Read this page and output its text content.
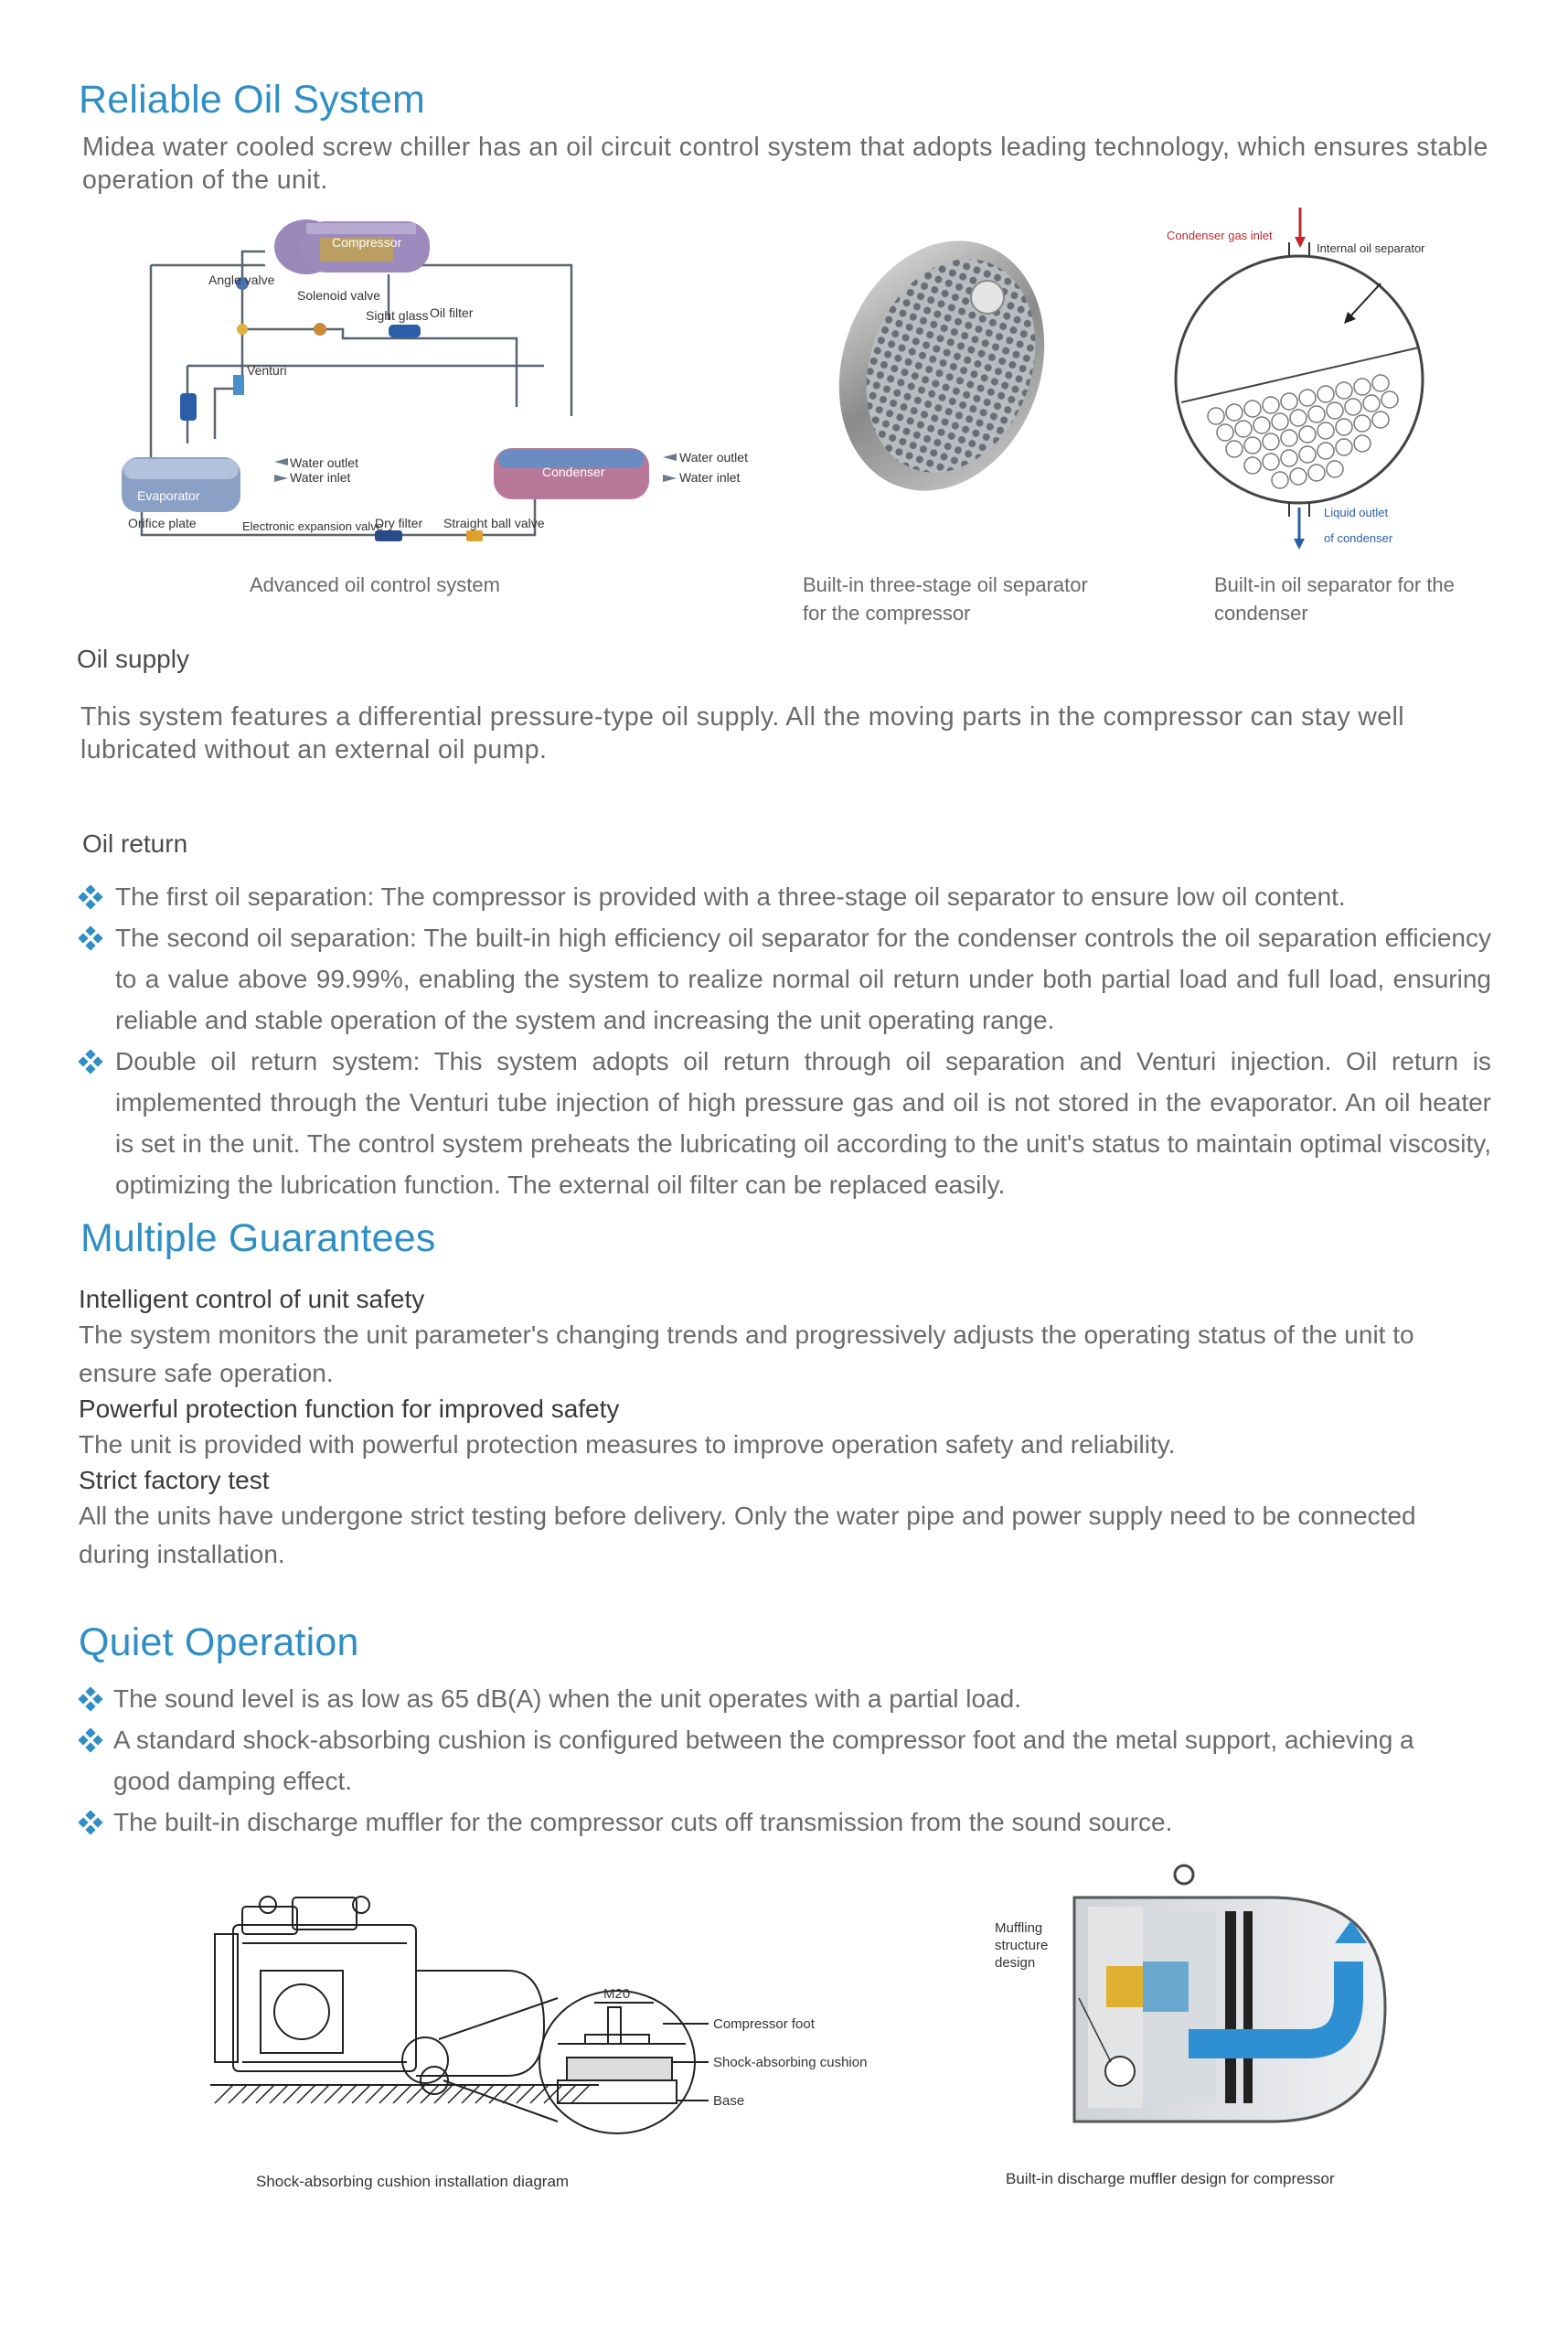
Reliable Oil System
Midea water cooled screw chiller has an oil circuit control system that adopts leading technology, which ensures stable operation of the unit.
Compressor
Evaporator
Condenser
Angle valve
Solenoid valve
Sight glass Oil filter
Venturi
Water outlet
Water inlet
Water outlet
Water inlet
Orifice plate	Electronic expansion valve
Dry filter Straight ball valve
Condenser gas inlet
Internal oil separator
Liquid outlet
of condenser
Advanced oil control system	Built-in three-stage oil separator for the compressor
Built-in oil separator for the condenser
Oil supply
This system features a differential pressure-type oil supply. All the moving parts in the compressor can stay well lubricated without an external oil pump.
Oil return
The first oil separation: The compressor is provided with a three-stage oil separator to ensure low oil content.
The second oil separation: The built-in high efficiency oil separator for the condenser controls the oil separation efficiency to a value above 99.99%, enabling the system to realize normal oil return under both partial load and full load, ensuring reliable and stable operation of the system and increasing the unit operating range.
Double oil return system: This system adopts oil return through oil separation and Venturi injection. Oil return is implemented through the Venturi tube injection of high pressure gas and oil is not stored in the evaporator. An oil heater is set in the unit. The control system preheats the lubricating oil according to the unit's status to maintain optimal viscosity, optimizing the lubrication function. The external oil filter can be replaced easily.
Multiple Guarantees
Intelligent control of unit safety
The system monitors the unit parameter's changing trends and progressively adjusts the operating status of the unit to ensure safe operation.
Powerful protection function for improved safety
The unit is provided with powerful protection measures to improve operation safety and reliability.
Strict factory test
All the units have undergone strict testing before delivery. Only the water pipe and power supply need to be connected during installation.
Quiet Operation
The sound level is as low as 65 dB(A) when the unit operates with a partial load.
A standard shock-absorbing cushion is configured between the compressor foot and the metal support, achieving a good damping effect.
The built-in discharge muffler for the compressor cuts off transmission from the sound source.
M20
Compressor foot
Shock-absorbing cushion
Base
Shock-absorbing cushion installation diagram
Muffling
structure
design
Built-in discharge muffler design for compressor
